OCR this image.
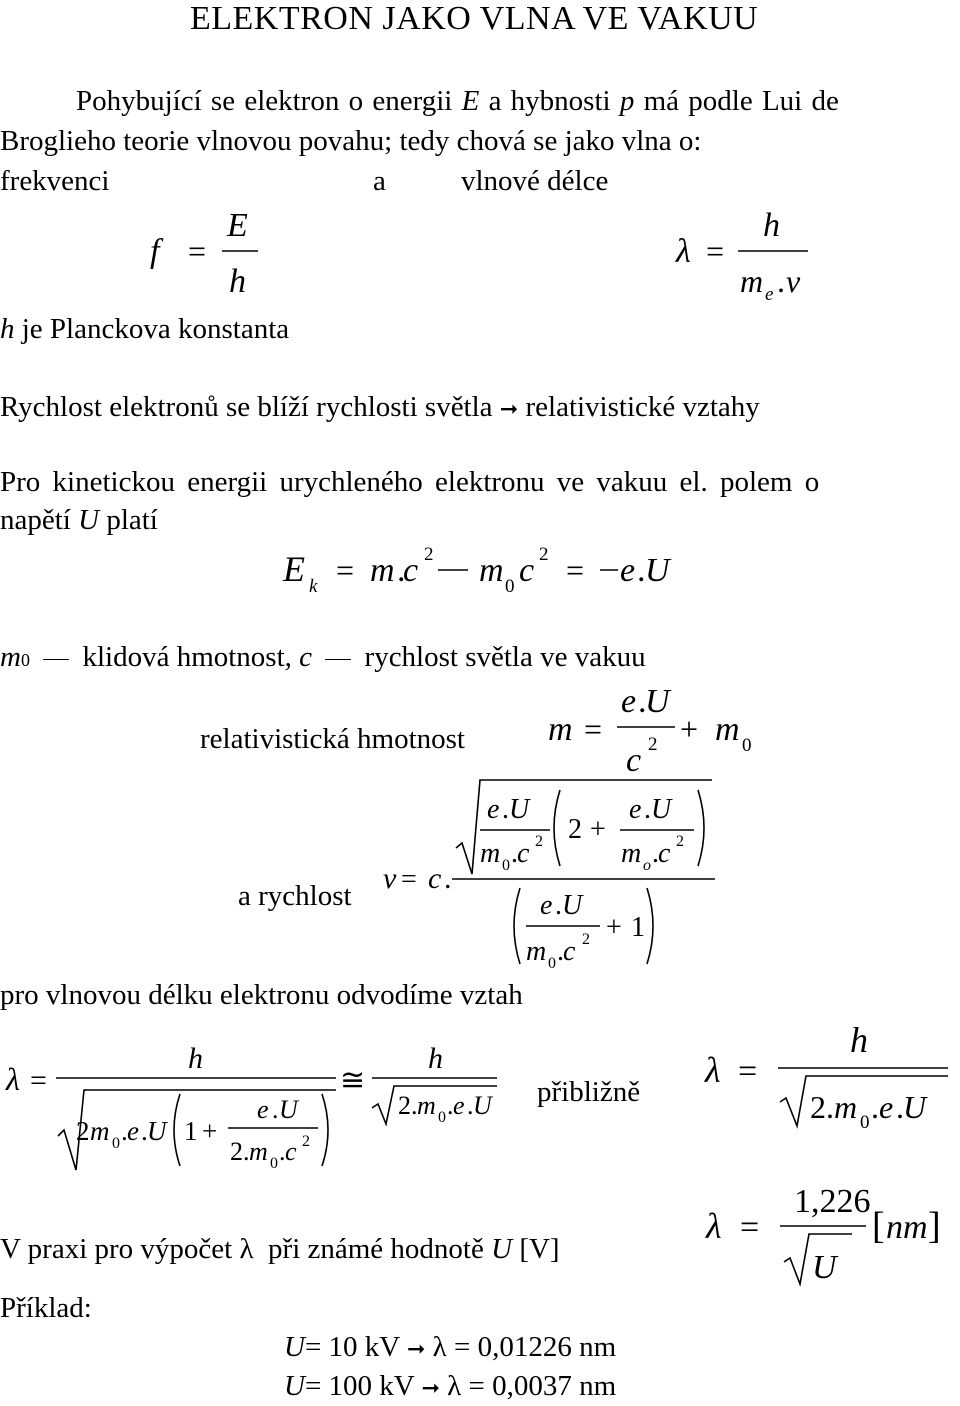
ELEKTRON JAKO VLNA VE VAKUU
Pohybující se elektron o energii E a hybnosti p má podle Lui de
Broglieho teorie vlnovou povahu; tedy chová se jako vlna o:
frekvenci	a	vlnové délce
f =
E
h
λ =
h
m e . v
E k = m .
c 2 m 0 c 2 = e . U
m =
e .
U
c 2 + m 0
v = c .
e . U
m 0 . c 2 2 +
e . U
m o . c 2
e . U
m 0 . c 2 + 1
λ =
h
2 m 0 . e . U 1 +
e . U
2. m 0 . c 2
≅
h
2. m 0 . e . U
λ =
h
2. m 0 . e . U
λ =
1,226
U
[ nm ]
h je Planckova konstanta
Rychlost elektronů se blíží rychlosti světla ➞ relativistické vztahy
Pro kinetickou energii urychleného elektronu ve vakuu el. polem o
napětí U platí
m0 klidová hmotnost, c rychlost světla ve vakuu
relativistická hmotnost
a rychlost
pro vlnovou délku elektronu odvodíme vztah
přibližně
V praxi pro výpočet λ při známé hodnotě U [V]
Příklad:
U= 10 kV ➞ λ = 0,01226 nm
U= 100 kV ➞ λ = 0,0037 nm
